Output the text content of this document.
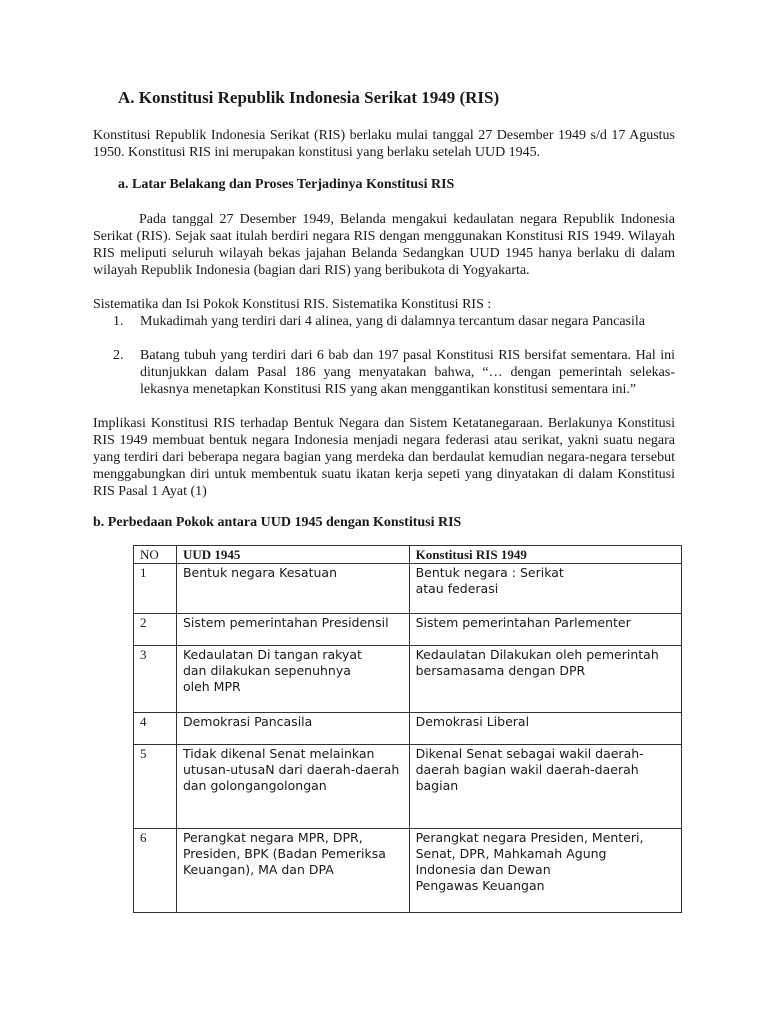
A. Konstitusi Republik Indonesia Serikat 1949 (RIS)

Konstitusi Republik Indonesia Serikat (RIS) berlaku mulai tanggal 27 Desember 1949 s/d 17 Agustus 1950. Konstitusi RIS ini merupakan konstitusi yang berlaku setelah UUD 1945.

a. Latar Belakang dan Proses Terjadinya Konstitusi RIS

Pada tanggal 27 Desember 1949, Belanda mengakui kedaulatan negara Republik Indonesia Serikat (RIS). Sejak saat itulah berdiri negara RIS dengan menggunakan Konstitusi RIS 1949. Wilayah RIS meliputi seluruh wilayah bekas jajahan Belanda Sedangkan UUD 1945 hanya berlaku di dalam wilayah Republik Indonesia (bagian dari RIS) yang beribukota di Yogyakarta.

Sistematika dan Isi Pokok Konstitusi RIS. Sistematika Konstitusi RIS :

1. Mukadimah yang terdiri dari 4 alinea, yang di dalamnya tercantum dasar negara Pancasila
2. Batang tubuh yang terdiri dari 6 bab dan 197 pasal Konstitusi RIS bersifat sementara. Hal ini ditunjukkan dalam Pasal 186 yang menyatakan bahwa, “… dengan pemerintah selekas-lekasnya menetapkan Konstitusi RIS yang akan menggantikan konstitusi sementara ini.”

Implikasi Konstitusi RIS terhadap Bentuk Negara dan Sistem Ketatanegaraan. Berlakunya Konstitusi RIS 1949 membuat bentuk negara Indonesia menjadi negara federasi atau serikat, yakni suatu negara yang terdiri dari beberapa negara bagian yang merdeka dan berdaulat kemudian negara-negara tersebut menggabungkan diri untuk membentuk suatu ikatan kerja sepeti yang dinyatakan di dalam Konstitusi RIS Pasal 1 Ayat (1)

b. Perbedaan Pokok antara UUD 1945 dengan Konstitusi RIS
NO	UUD 1945	Konstitusi RIS 1949
1	Bentuk negara Kesatuan	Bentuk negara : Serikat
atau federasi
2	Sistem pemerintahan Presidensil	Sistem pemerintahan Parlementer
3	Kedaulatan Di tangan rakyat
dan dilakukan sepenuhnya
oleh MPR	Kedaulatan Dilakukan oleh pemerintah
bersamasama dengan DPR
4	Demokrasi Pancasila	Demokrasi Liberal
5	Tidak dikenal Senat melainkan
utusan-utusaN dari daerah-daerah
dan golongangolongan	Dikenal Senat sebagai wakil daerah-
daerah bagian wakil daerah-daerah
bagian
6	Perangkat negara MPR, DPR,
Presiden, BPK (Badan Pemeriksa
Keuangan), MA dan DPA	Perangkat negara Presiden, Menteri,
Senat, DPR, Mahkamah Agung
Indonesia dan Dewan
Pengawas Keuangan
